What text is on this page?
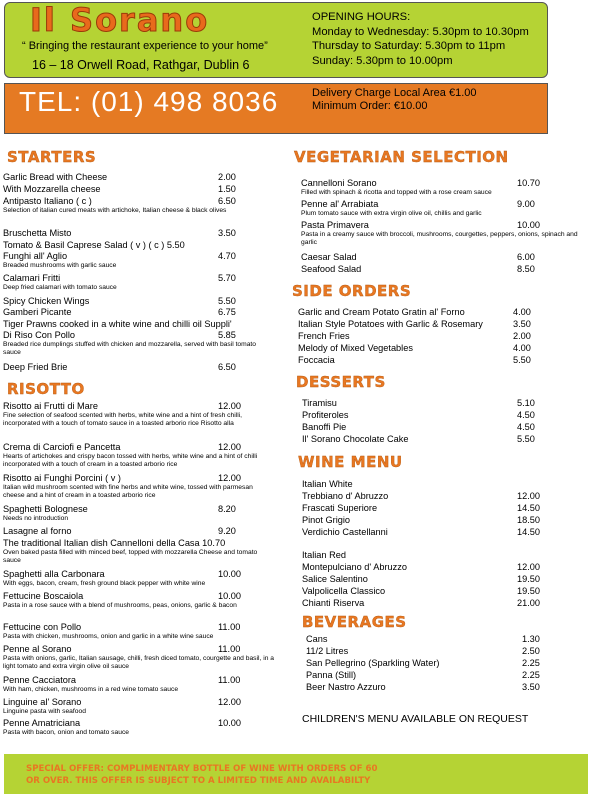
Il Sorano
“ Bringing the restaurant experience to your home”
16 – 18 Orwell Road, Rathgar, Dublin 6
OPENING HOURS:
Monday to Wednesday: 5.30pm to 10.30pm
Thursday to Saturday: 5.30pm to 11pm
Sunday: 5.30pm to 10.00pm
TEL: (01) 498 8036	Delivery Charge Local Area €1.00
Minimum Order: €10.00
STARTERS
RISOTTO
VEGETARIAN SELECTION
SIDE ORDERS
DESSERTS
WINE MENU
BEVERAGES
Garlic Bread with Cheese	2.00
With Mozzarella cheese	1.50
Antipasto Italiano ( c )	6.50
Selection of italian cured meats with artichoke, Italian cheese & black olives
Bruschetta Misto	3.50
Tomato & Basil Caprese Salad ( v ) ( c ) 5.50
Funghi all' Aglio	4.70
Breaded mushrooms with garlic sauce
Calamari Fritti	5.70
Deep fried calamari with tomato sauce
Spicy Chicken Wings	5.50
Gamberi Picante	6.75
Tiger Prawns cooked in a white wine and chilli oil Suppli'
Di Riso Con Pollo	5.85
Breaded rice dumplings stuffed with chicken and mozzarella, served with basil tomato sauce
Deep Fried Brie	6.50
Risotto ai Frutti di Mare	12.00
Fine selection of seafood scented with herbs, white wine and a hint of fresh chilli, incorporated with a touch of tomato sauce in a toasted arborio rice Risotto alla
Crema di Carciofi e Pancetta	12.00
Hearts of artichokes and crispy bacon tossed with herbs, white wine and a hint of chilli incorporated with a touch of cream in a toasted arborio rice
Risotto ai Funghi Porcini ( v )	12.00
Italian wild mushroom scented with fine herbs and white wine, tossed with parmesan cheese and a hint of cream in a toasted arborio rice
Spaghetti Bolognese	8.20
Needs no introduction
Lasagne al forno	9.20
The traditional Italian dish Cannelloni della Casa 10.70
Oven baked pasta filled with minced beef, topped with mozzarella Cheese and tomato sauce
Spaghetti alla Carbonara	10.00
With eggs, bacon, cream, fresh ground black pepper with white wine
Fettucine Boscaiola	10.00
Pasta in a rose sauce with a blend of mushrooms, peas, onions, garlic & bacon
Fettucine con Pollo	11.00
Pasta with chicken, mushrooms, onion and garlic in a white wine sauce
Penne al Sorano	11.00
Pasta with onions, garlic, Italian sausage, chilli, fresh diced tomato, courgette and basil, in a light tomato and extra virgin olive oil sauce
Penne Cacciatora	11.00
With ham, chicken, mushrooms in a red wine tomato sauce
Linguine al' Sorano	12.00
Linguine pasta with seafood
Penne Amatriciana	10.00
Pasta with bacon, onion and tomato sauce
Cannelloni Sorano	10.70
Filled with spinach & ricotta and topped with a rose cream sauce
Penne al' Arrabiata	9.00
Plum tomato sauce with extra virgin olive oil, chillis and garlic
Pasta Primavera	10.00
Pasta in a creamy sauce with broccoli, mushrooms, courgettes, peppers, onions, spinach and garlic
Caesar Salad	6.00
Seafood Salad	8.50
Garlic and Cream Potato Gratin al' Forno	4.00
Italian Style Potatoes with Garlic & Rosemary	3.50
French Fries	2.00
Melody of Mixed Vegetables	4.00
Foccacia	5.50
Tiramisu	5.10
Profiteroles	4.50
Banoffi Pie	4.50
Il' Sorano Chocolate Cake	5.50
Italian White
Trebbiano d' Abruzzo	12.00
Frascati Superiore	14.50
Pinot Grigio	18.50
Verdichio Castellanni	14.50
Italian Red
Montepulciano d' Abruzzo	12.00
Salice Salentino	19.50
Valpolicella Classico	19.50
Chianti Riserva	21.00
Cans	1.30
11/2 Litres	2.50
San Pellegrino (Sparkling Water)	2.25
Panna (Still)	2.25
Beer Nastro Azzuro	3.50
CHILDREN'S MENU AVAILABLE ON REQUEST
SPECIAL OFFER: COMPLIMENTARY BOTTLE OF WINE WITH ORDERS OF 60
OR OVER. THIS OFFER IS SUBJECT TO A LIMITED TIME AND AVAILABILTY
